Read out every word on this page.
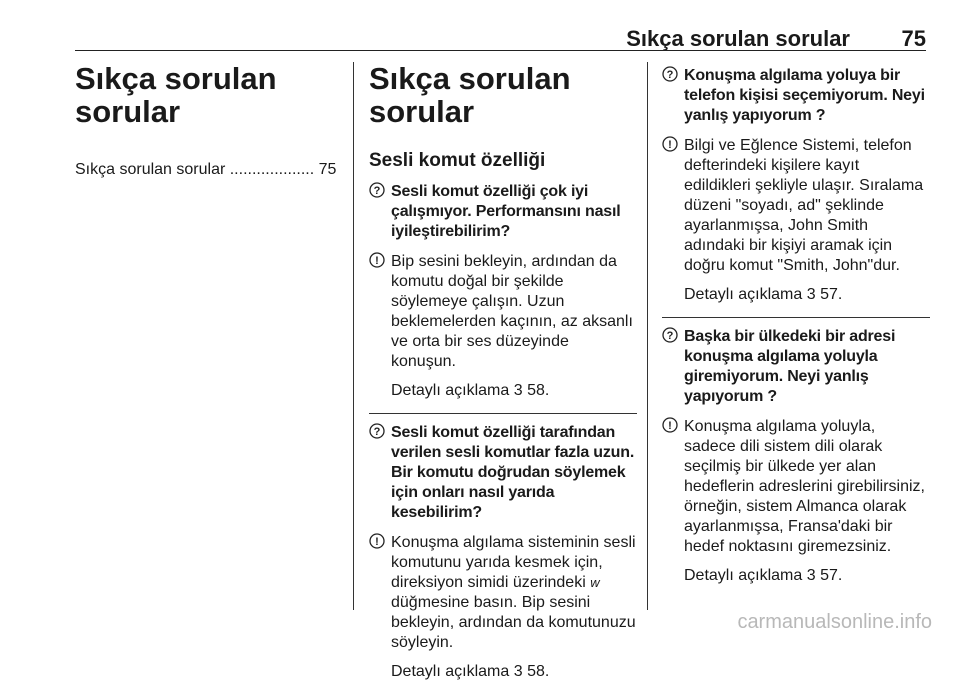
Sıkça sorulan sorular 75
Sıkça sorulan
sorular
Sıkça sorulan sorular ................... 75
Sıkça sorulan sorular
Sesli komut özelliği
? Sesli komut özelliği çok iyi
çalışmıyor. Performansını nasıl
iyileştirebilirim?
! Bip sesini bekleyin, ardından da
komutu doğal bir şekilde
söylemeye çalışın. Uzun
beklemelerden kaçının, az aksanlı
ve orta bir ses düzeyinde konuşun.
Detaylı açıklama 3 58.
? Sesli komut özelliği tarafından
verilen sesli komutlar fazla uzun.
Bir komutu doğrudan söylemek
için onları nasıl yarıda kesebilirim?
! Konuşma algılama sisteminin sesli
komutunu yarıda kesmek için,
direksiyon simidi üzerindeki w
düğmesine basın. Bip sesini
bekleyin, ardından da komutunuzu
söyleyin.
Detaylı açıklama 3 58.
? Konuşma algılama yoluya bir
telefon kişisi seçemiyorum. Neyi
yanlış yapıyorum ?
! Bilgi ve Eğlence Sistemi, telefon
defterindeki kişilere kayıt
edildikleri şekliyle ulaşır. Sıralama
düzeni "soyadı, ad" şeklinde
ayarlanmışsa, John Smith
adındaki bir kişiyi aramak için
doğru komut "Smith, John"dur.
Detaylı açıklama 3 57.
? Başka bir ülkedeki bir adresi
konuşma algılama yoluyla
giremiyorum. Neyi yanlış
yapıyorum ?
! Konuşma algılama yoluyla,
sadece dili sistem dili olarak
seçilmiş bir ülkede yer alan
hedeflerin adreslerini girebilirsiniz,
örneğin, sistem Almanca olarak
ayarlanmışsa, Fransa'daki bir
hedef noktasını giremezsiniz.
Detaylı açıklama 3 57.
carmanualsonline.info
